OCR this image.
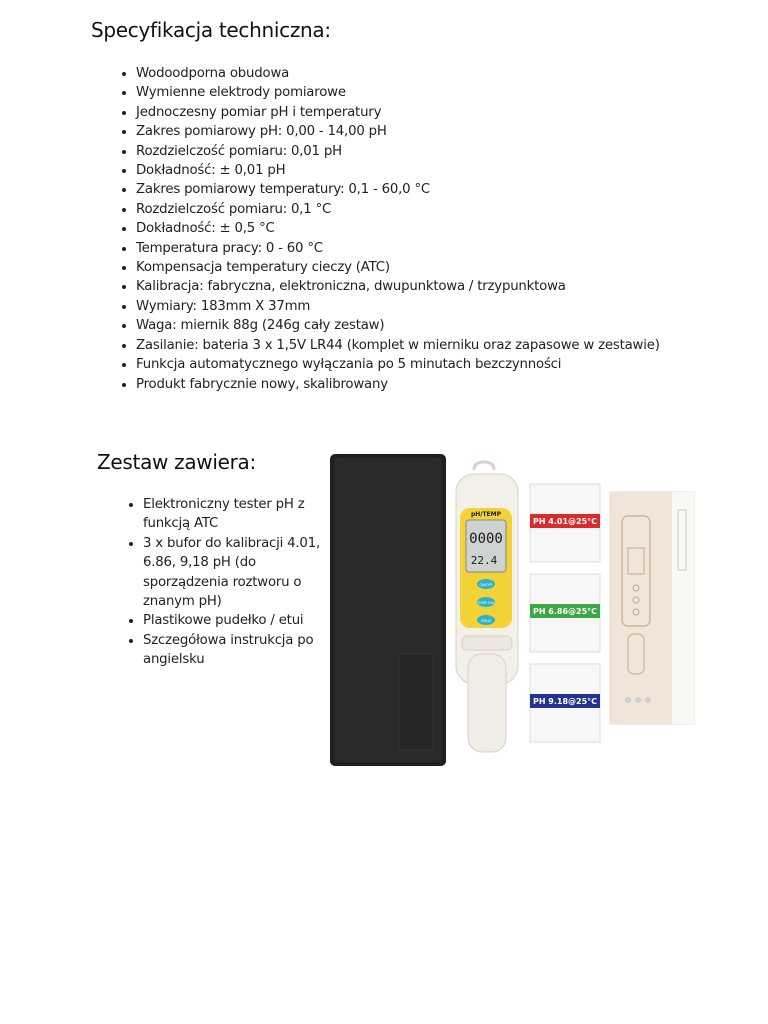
Specyfikacja techniczna:
• Wodoodporna obudowa
• Wymienne elektrody pomiarowe
• Jednoczesny pomiar pH i temperatury
• Zakres pomiarowy pH: 0,00 - 14,00 pH
• Rozdzielczość pomiaru: 0,01 pH
• Dokładność: ± 0,01 pH
• Zakres pomiarowy temperatury: 0,1 - 60,0 °C
• Rozdzielczość pomiaru: 0,1 °C
• Dokładność: ± 0,5 °C
• Temperatura pracy: 0 - 60 °C
• Kompensacja temperatury cieczy (ATC)
• Kalibracja: fabryczna, elektroniczna, dwupunktowa / trzypunktowa
• Wymiary: 183mm X 37mm
• Waga: miernik 88g (246g cały zestaw)
• Zasilanie: bateria 3 x 1,5V LR44 (komplet w mierniku oraz zapasowe w zestawie)
• Funkcja automatycznego wyłączania po 5 minutach bezczynności
• Produkt fabrycznie nowy, skalibrowany
Zestaw zawiera:
• Elektroniczny tester pH z funkcją ATC
• 3 x bufor do kalibracji 4.01, 6.86, 9,18 pH (do sporządzenia roztworu o znanym pH)
• Plastikowe pudełko / etui
• Szczegółowa instrukcja po angielsku
pH/TEMP
0000
22.4
ON/OFF
TEMP CAL
HOLD
PH 4.01@25°C
PH 6.86@25°C
PH 9.18@25°C
